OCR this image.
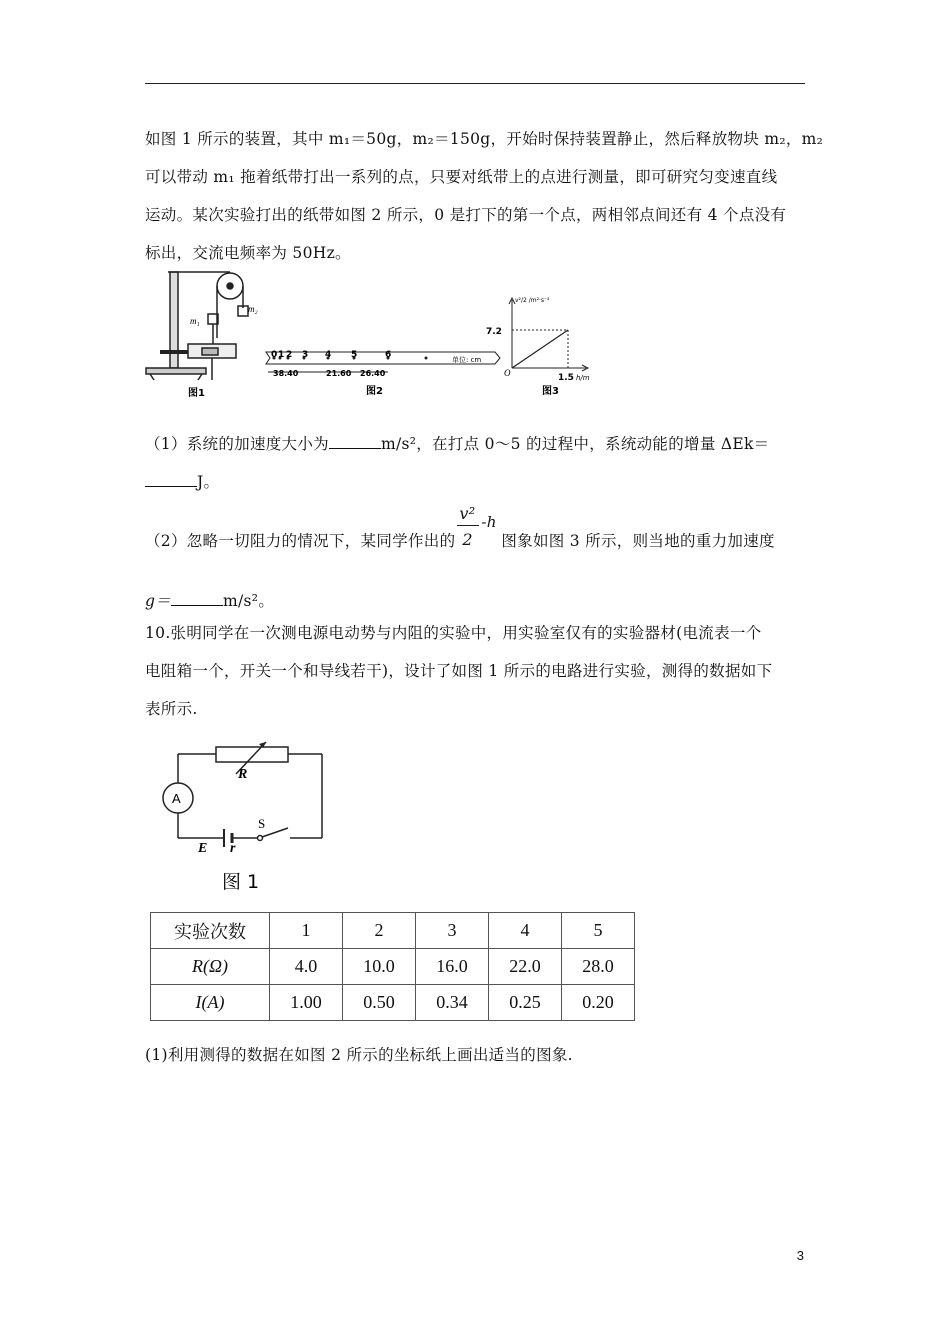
如图 1 所示的装置，其中 m₁＝50g，m₂＝150g，开始时保持装置静止，然后释放物块 m₂，m₂
可以带动 m₁ 拖着纸带打出一系列的点，只要对纸带上的点进行测量，即可研究匀变速直线
运动。某次实验打出的纸带如图 2 所示，0 是打下的第一个点，两相邻点间还有 4 个点没有
标出，交流电频率为 50Hz。
m₂
m₁
图1
0 1 2 3 4 5	6
38.40	21.60 26.40
单位: cm
图2
v²/2 /m²·s⁻²
7.2
O	1.5 h/m
图3
（1）系统的加速度大小为	m/s²，在打点 0～5 的过程中，系统动能的增量 ΔEk＝
J。
（2）忽略一切阻力的情况下，某同学作出的
v²
2
-h
图象如图 3 所示，则当地的重力加速度
g＝	m/s²。
10.张明同学在一次测电源电动势与内阻的实验中，用实验室仅有的实验器材(电流表一个
电阻箱一个，开关一个和导线若干)，设计了如图 1 所示的电路进行实验，测得的数据如下
表所示.
R
A
S
E r
图 1
实验次数	1	2	3	4	5
R(Ω)	4.0	10.0	16.0	22.0	28.0
I(A)	1.00	0.50	0.34	0.25	0.20
(1)利用测得的数据在如图 2 所示的坐标纸上画出适当的图象.
3
